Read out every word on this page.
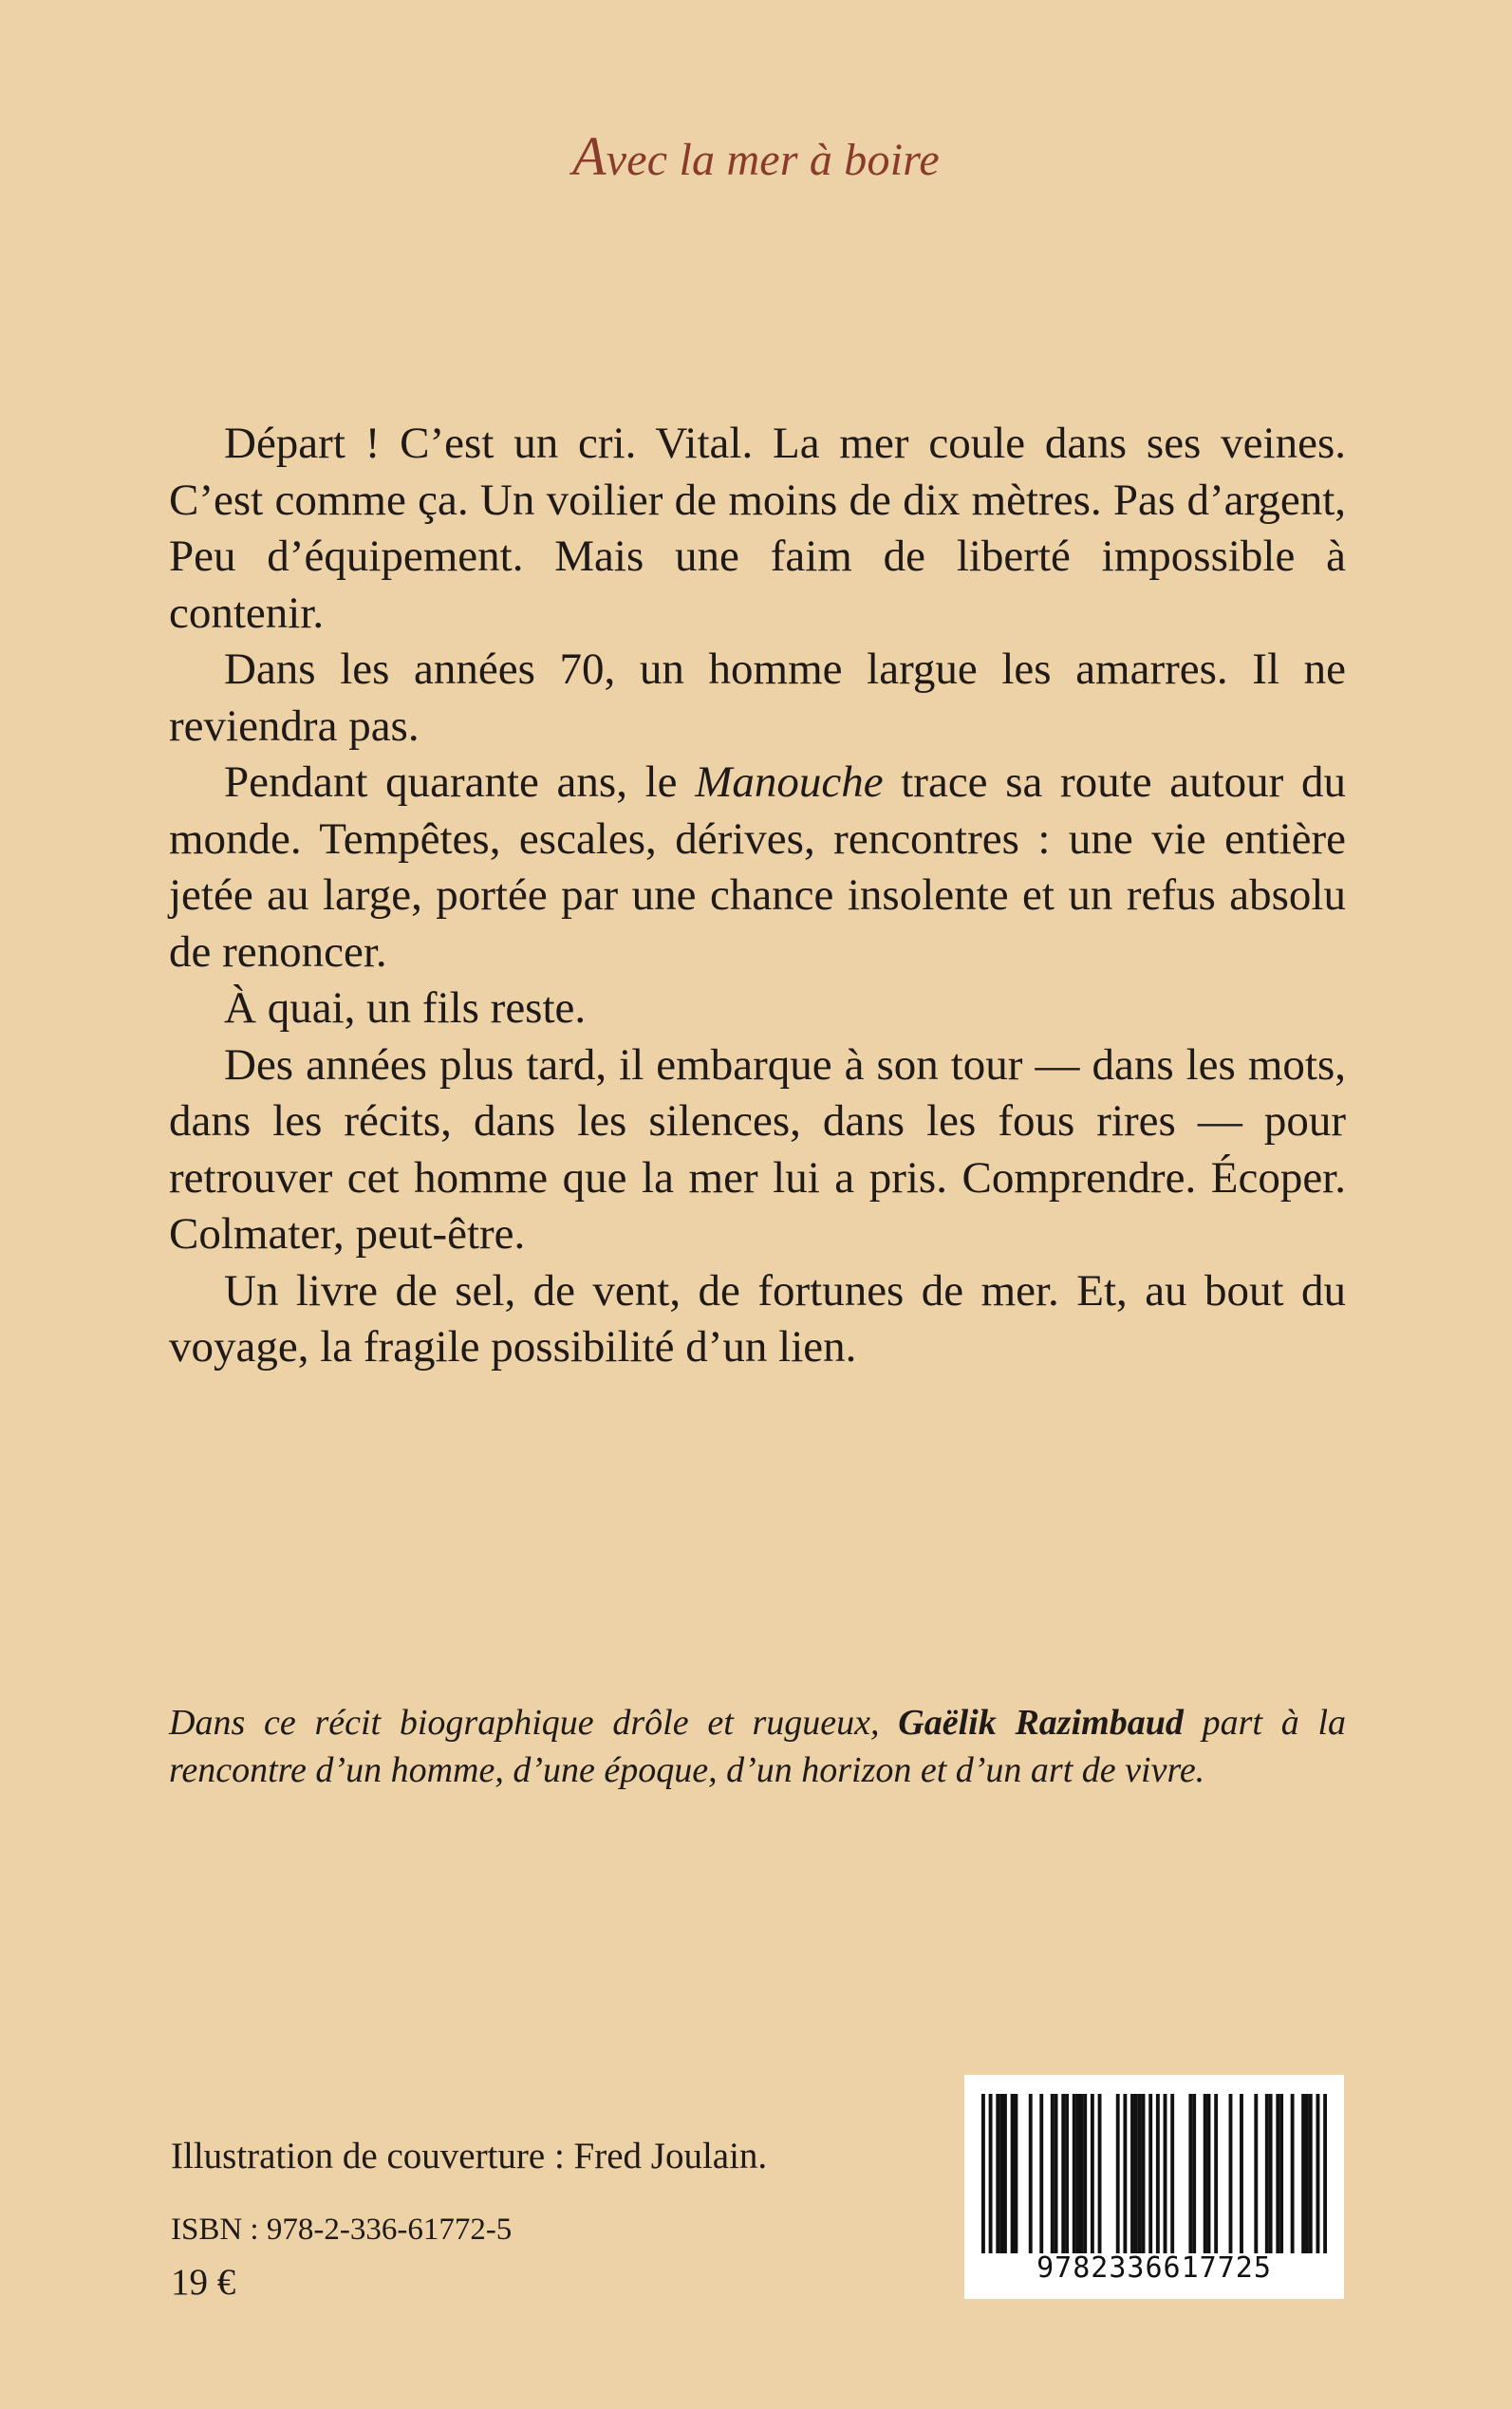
Avec la mer à boire

Départ ! C’est un cri. Vital. La mer coule dans ses veines. C’est comme ça. Un voilier de moins de dix mètres. Pas d’argent, Peu d’équipement. Mais une faim de liberté impossible à contenir.

Dans les années 70, un homme largue les amarres. Il ne reviendra pas.

Pendant quarante ans, le Manouche trace sa route autour du monde. Tempêtes, escales, dérives, rencontres : une vie entière jetée au large, portée par une chance insolente et un refus absolu de renoncer.

À quai, un fils reste.

Des années plus tard, il embarque à son tour — dans les mots, dans les récits, dans les silences, dans les fous rires — pour retrouver cet homme que la mer lui a pris. Comprendre. Écoper. Colmater, peut-être.

Un livre de sel, de vent, de fortunes de mer. Et, au bout du voyage, la fragile possibilité d’un lien.

Dans ce récit biographique drôle et rugueux, Gaëlik Razimbaud part à la rencontre d’un homme, d’une époque, d’un horizon et d’un art de vivre.
Illustration de couverture : Fred Joulain.
ISBN : 978-2-336-61772-5
19 €	9782336617725
